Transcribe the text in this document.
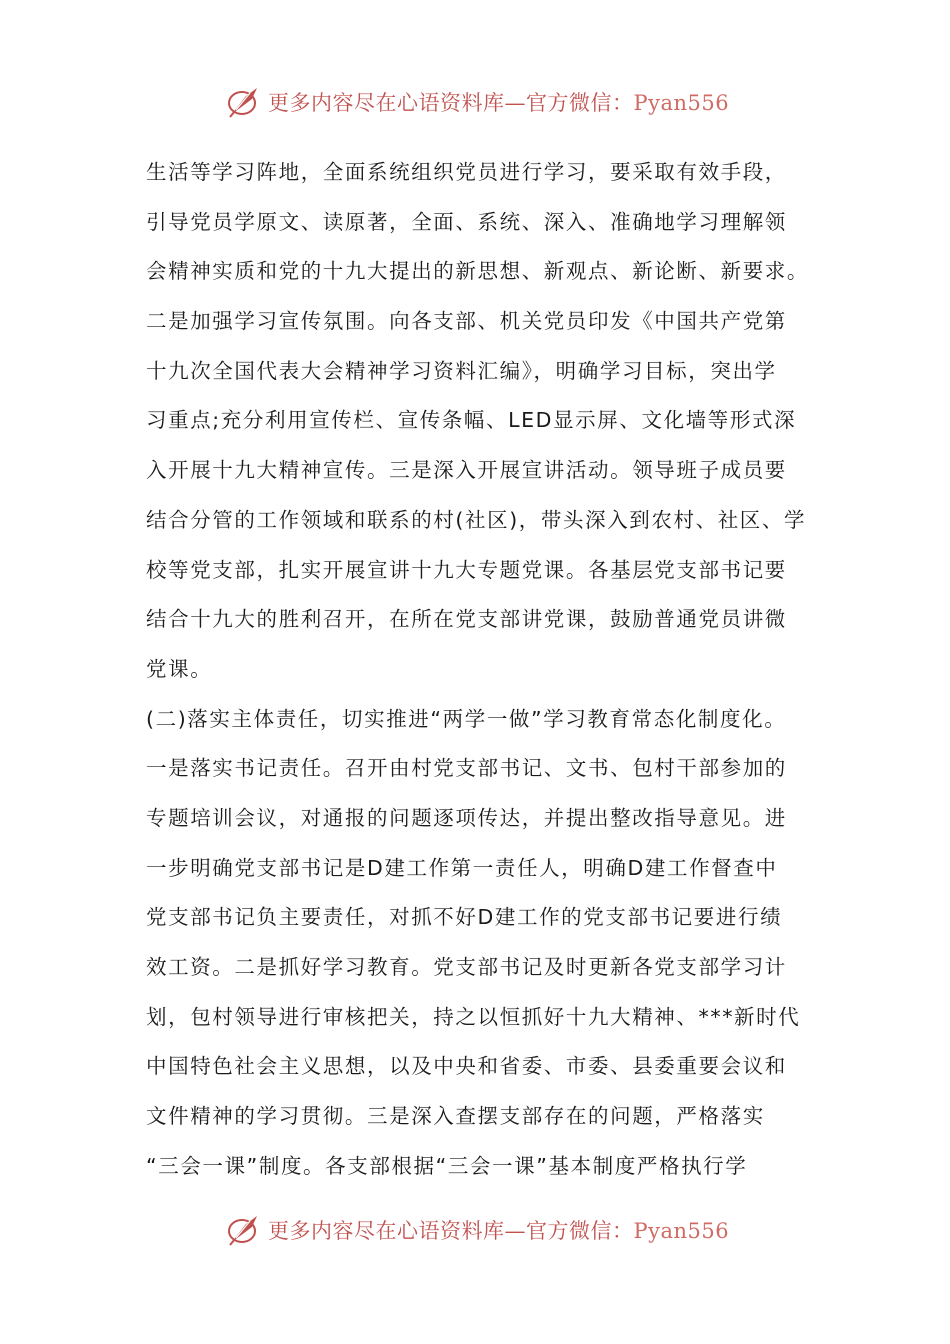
更多内容尽在心语资料库—官方微信：Pyan556
生活等学习阵地，全面系统组织党员进行学习，要采取有效手段，
引导党员学原文、读原著，全面、系统、深入、准确地学习理解领
会精神实质和党的十九大提出的新思想、新观点、新论断、新要求。
二是加强学习宣传氛围。向各支部、机关党员印发《中国共产党第
十九次全国代表大会精神学习资料汇编》，明确学习目标，突出学
习重点;充分利用宣传栏、宣传条幅、LED显示屏、文化墙等形式深
入开展十九大精神宣传。三是深入开展宣讲活动。领导班子成员要
结合分管的工作领域和联系的村(社区)，带头深入到农村、社区、学
校等党支部，扎实开展宣讲十九大专题党课。各基层党支部书记要
结合十九大的胜利召开，在所在党支部讲党课，鼓励普通党员讲微
党课。
(二)落实主体责任，切实推进“两学一做”学习教育常态化制度化。
一是落实书记责任。召开由村党支部书记、文书、包村干部参加的
专题培训会议，对通报的问题逐项传达，并提出整改指导意见。进
一步明确党支部书记是D建工作第一责任人，明确D建工作督查中
党支部书记负主要责任，对抓不好D建工作的党支部书记要进行绩
效工资。二是抓好学习教育。党支部书记及时更新各党支部学习计
划，包村领导进行审核把关，持之以恒抓好十九大精神、***新时代
中国特色社会主义思想，以及中央和省委、市委、县委重要会议和
文件精神的学习贯彻。三是深入查摆支部存在的问题，严格落实
“三会一课”制度。各支部根据“三会一课”基本制度严格执行学
更多内容尽在心语资料库—官方微信：Pyan556
